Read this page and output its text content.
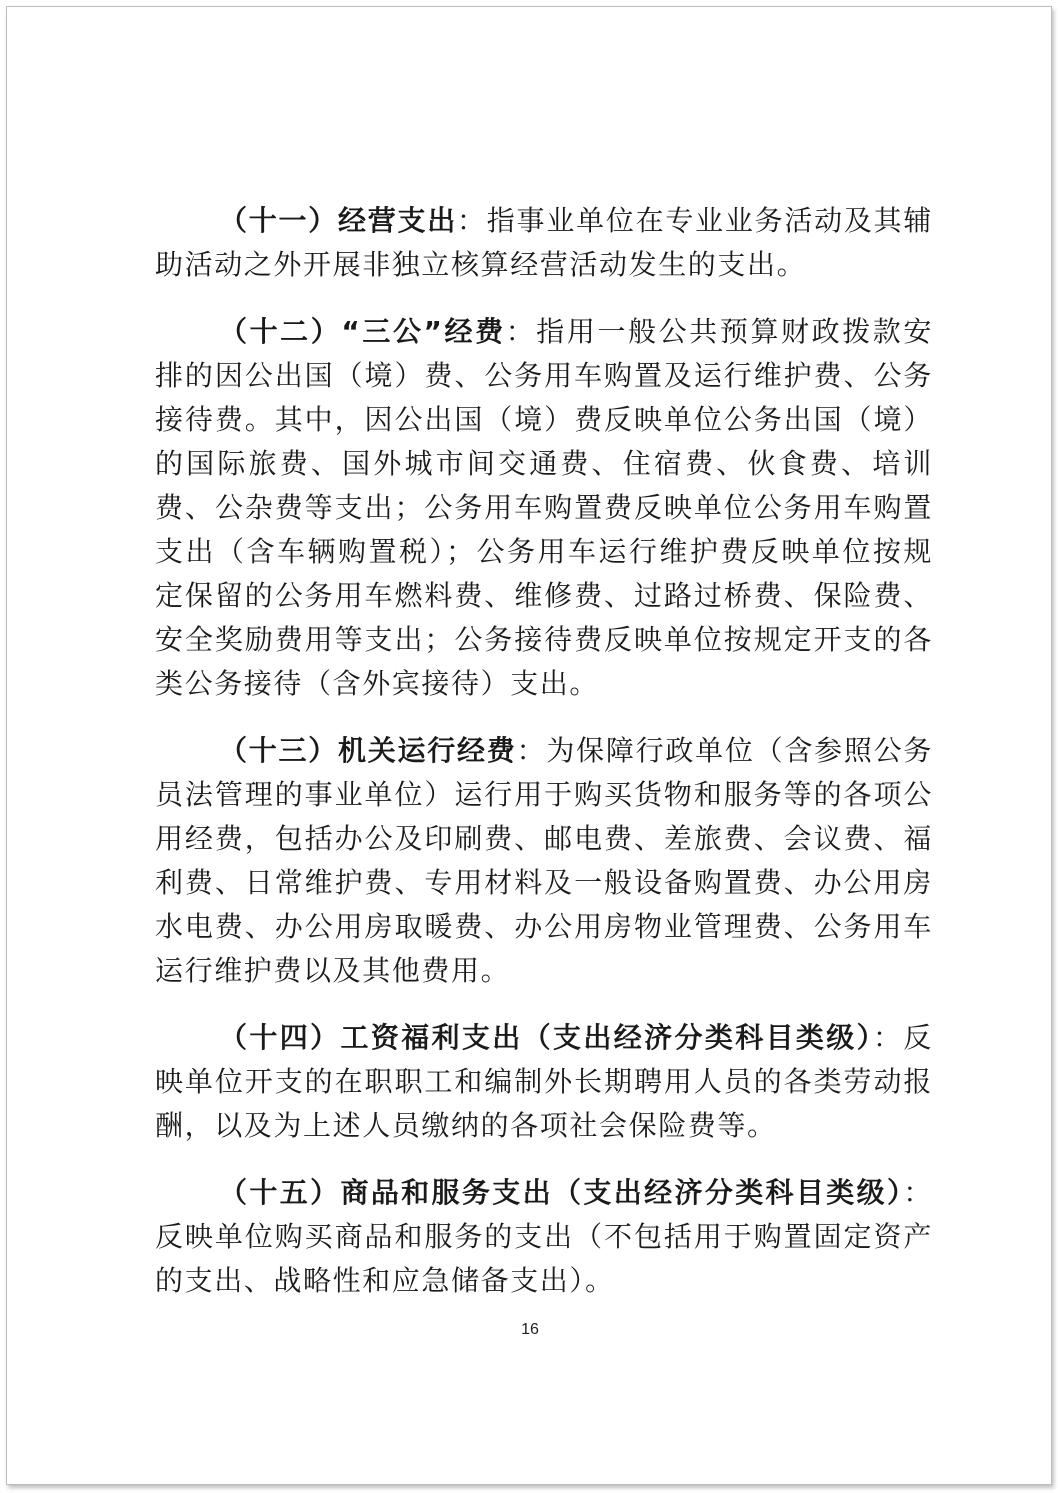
（十一）经营支出：指事业单位在专业业务活动及其辅助活动之外开展非独立核算经营活动发生的支出。

（十二）“三公”经费：指用一般公共预算财政拨款安排的因公出国（境）费、公务用车购置及运行维护费、公务接待费。其中，因公出国（境）费反映单位公务出国（境）的国际旅费、国外城市间交通费、住宿费、伙食费、培训费、公杂费等支出；公务用车购置费反映单位公务用车购置支出（含车辆购置税）；公务用车运行维护费反映单位按规定保留的公务用车燃料费、维修费、过路过桥费、保险费、安全奖励费用等支出；公务接待费反映单位按规定开支的各类公务接待（含外宾接待）支出。

（十三）机关运行经费：为保障行政单位（含参照公务员法管理的事业单位）运行用于购买货物和服务等的各项公用经费，包括办公及印刷费、邮电费、差旅费、会议费、福利费、日常维护费、专用材料及一般设备购置费、办公用房水电费、办公用房取暖费、办公用房物业管理费、公务用车运行维护费以及其他费用。

（十四）工资福利支出（支出经济分类科目类级）：反映单位开支的在职职工和编制外长期聘用人员的各类劳动报酬，以及为上述人员缴纳的各项社会保险费等。

（十五）商品和服务支出（支出经济分类科目类级）：反映单位购买商品和服务的支出（不包括用于购置固定资产的支出、战略性和应急储备支出）。

16
